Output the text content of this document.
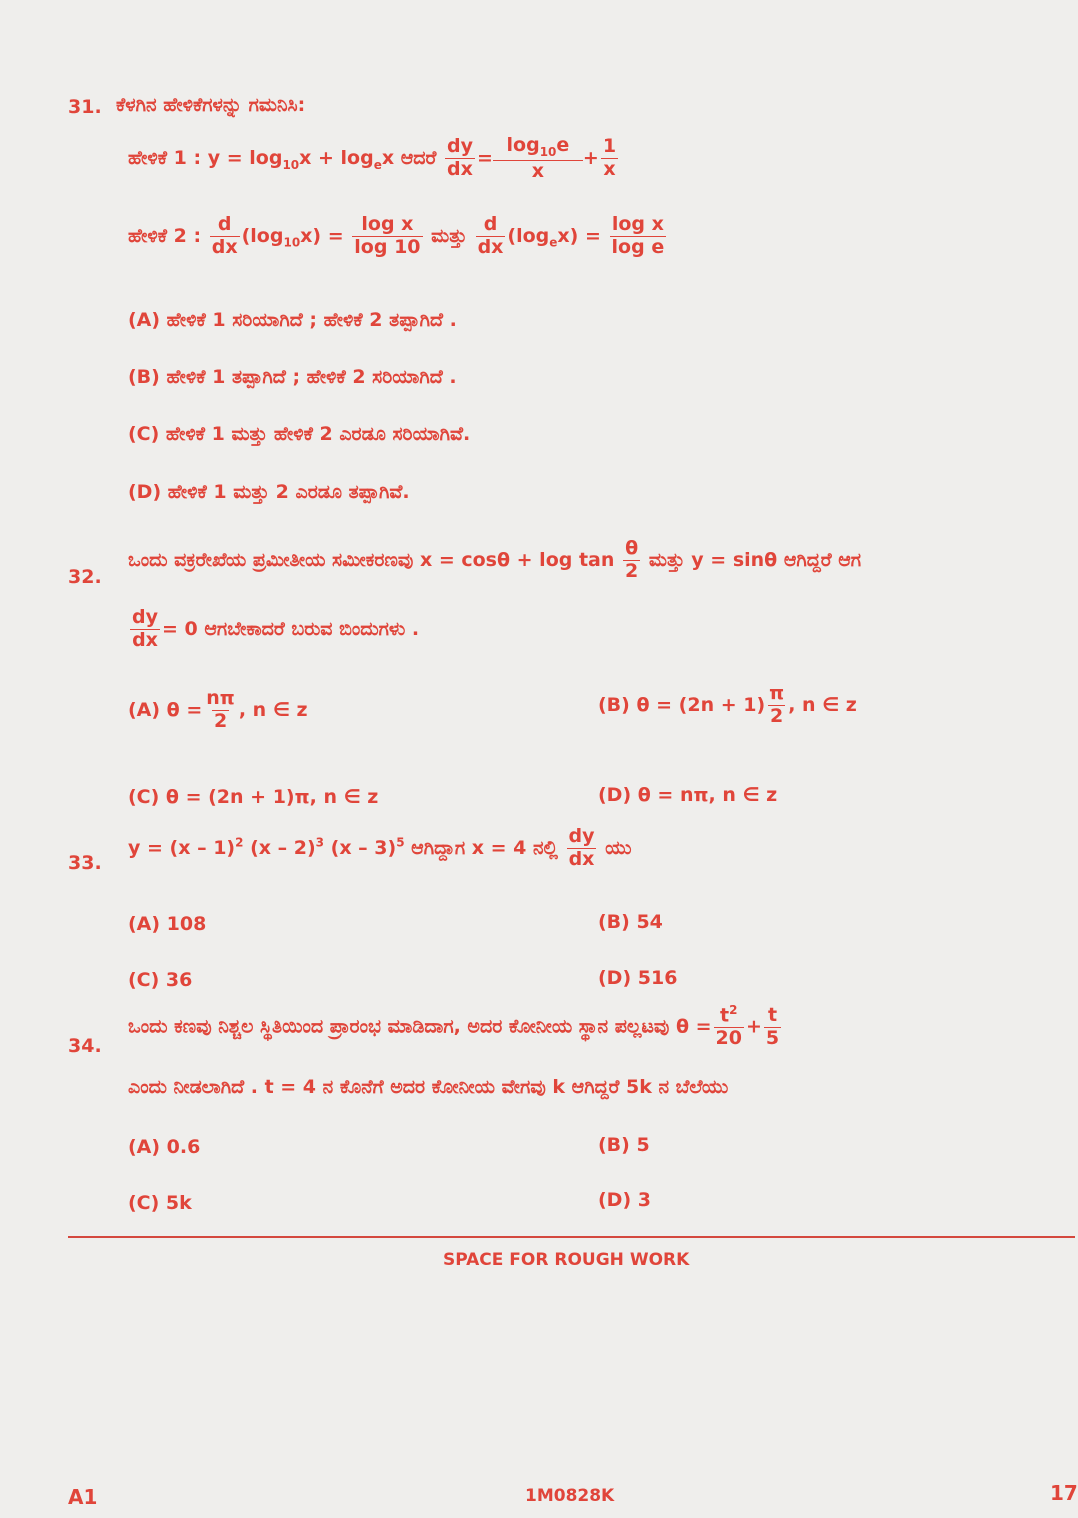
31. ಕೆಳಗಿನ ಹೇಳಿಕೆಗಳನ್ನು ಗಮನಿಸಿ:
ಹೇಳಿಕೆ 1 : $y = \log_{10}x + \log_ex$ ಆದರೆ $\frac{dy}{dx} = \frac{\log_{10}e}{x} + \frac{1}{x}$
ಹೇಳಿಕೆ 2 : $\frac{d}{dx} (\log_{10}x) = \frac{\text{log x}}{\log 10}$ ಮತ್ತು $\frac{d}{dx} (\log_ex) = \frac{\text{log x}}{\text{log e}}$
(A) ಹೇಳಿಕೆ 1 ಸರಿಯಾಗಿದೆ ; ಹೇಳಿಕೆ 2 ತಪ್ಪಾಗಿದೆ .
(B) ಹೇಳಿಕೆ 1 ತಪ್ಪಾಗಿದೆ ; ಹೇಳಿಕೆ 2 ಸರಿಯಾಗಿದೆ .
(C) ಹೇಳಿಕೆ 1 ಮತ್ತು ಹೇಳಿಕೆ 2 ಎರಡೂ ಸರಿಯಾಗಿವೆ.
(D) ಹೇಳಿಕೆ 1 ಮತ್ತು 2 ಎರಡೂ ತಪ್ಪಾಗಿವೆ.
32.
ಒಂದು ವಕ್ರರೇಖೆಯ ಪ್ರಮೀತೀಯ ಸಮೀಕರಣವು $x = \cos\theta + \log \tan \frac{\theta}{2}$ ಮತ್ತು y = sinθ ಆಗಿದ್ದರೆ ಆಗ
$\frac{dy}{dx} = 0$ ಆಗಬೇಕಾದರೆ ಬರುವ ಬಿಂದುಗಳು .
(A) $\theta = \frac{n\pi}{2}$ , n ∈ z	(B) $\theta = (2n + 1) \frac{\pi}{2}$ , n ∈ z
(C) θ = (2n + 1)π, n ∈ z	(D) θ = nπ, n ∈ z
33.
y = (x – 1)$^2$ (x – 2)$^3$ (x – 3)$^5$ ಆಗಿದ್ದಾಗ x = 4 ನಲ್ಲಿ $\frac{dy}{dx}$ ಯು
(A) 108	(B) 54
(C) 36	(D) 516
34.
ಒಂದು ಕಣವು ನಿಶ್ಚಲ ಸ್ಥಿತಿಯಿಂದ ಪ್ರಾರಂಭ ಮಾಡಿದಾಗ, ಅದರ ಕೋನೀಯ ಸ್ಥಾನ ಪಲ್ಲಟವು $\theta = \frac{t^2}{20} + \frac{t}{5}$
ಎಂದು ನೀಡಲಾಗಿದೆ . t = 4 ನ ಕೊನೆಗೆ ಅದರ ಕೋನೀಯ ವೇಗವು k ಆಗಿದ್ದರೆ 5k ನ ಬೆಲೆಯು
(A) 0.6	(B) 5
(C) 5k	(D) 3
SPACE FOR ROUGH WORK
A1	1M0828K	17
